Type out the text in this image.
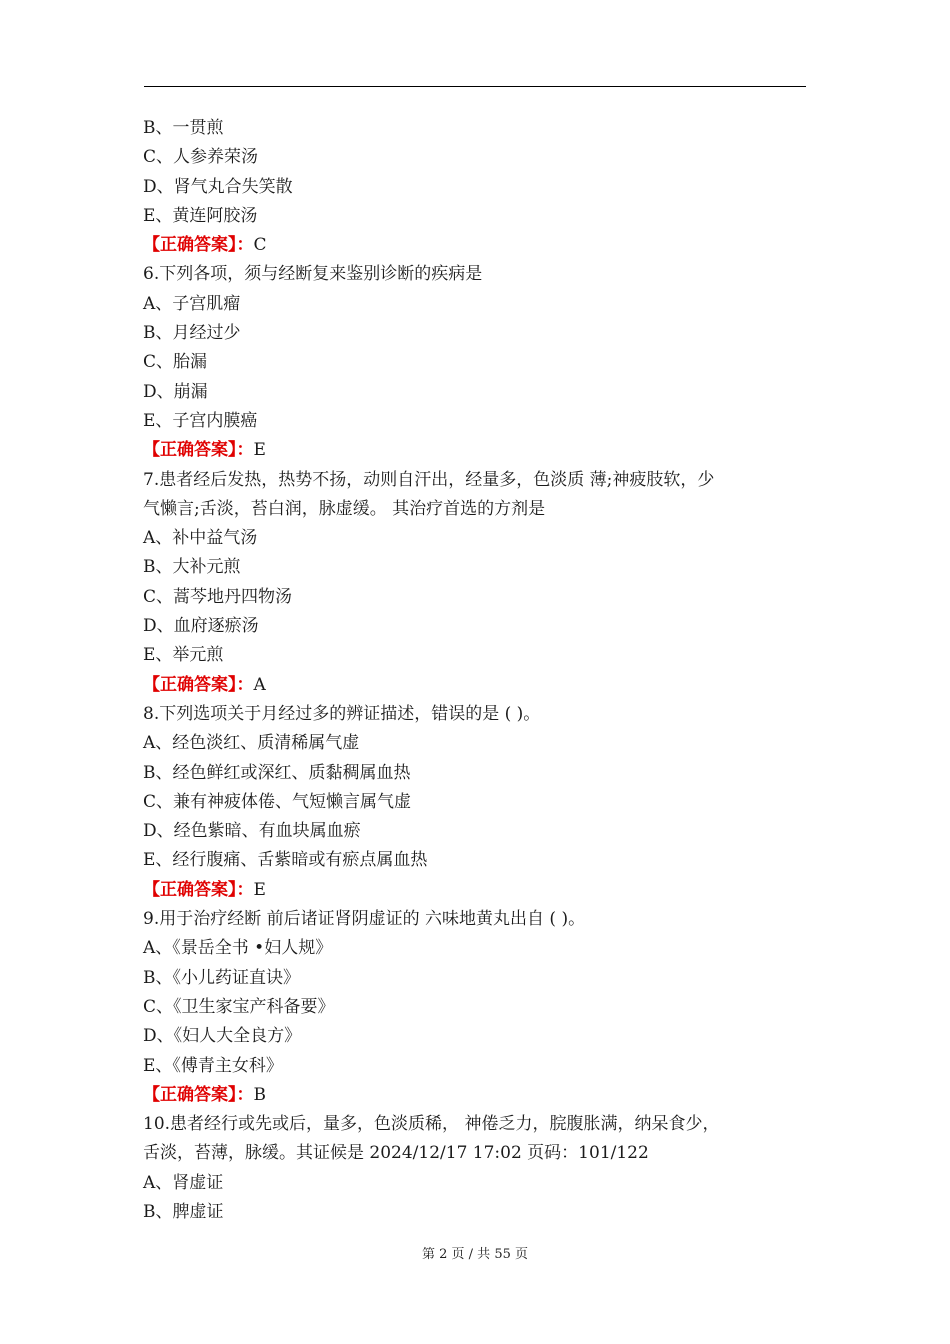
B、一贯煎

C、人参养荣汤

D、肾气丸合失笑散

E、黄连阿胶汤

【正确答案】：C

6.下列各项，须与经断复来鉴别诊断的疾病是

A、子宫肌瘤

B、月经过少

C、胎漏

D、崩漏

E、子宫内膜癌

【正确答案】：E

7.患者经后发热，热势不扬，动则自汗出，经量多，色淡质 薄;神疲肢软，少

气懒言;舌淡，苔白润，脉虚缓。 其治疗首选的方剂是

A、补中益气汤

B、大补元煎

C、蒿芩地丹四物汤

D、血府逐瘀汤

E、举元煎

【正确答案】：A

8.下列选项关于月经过多的辨证描述，错误的是 ( )。

A、经色淡红、质清稀属气虚

B、经色鲜红或深红、质黏稠属血热

C、兼有神疲体倦、气短懒言属气虚

D、经色紫暗、有血块属血瘀

E、经行腹痛、舌紫暗或有瘀点属血热

【正确答案】：E

9.用于治疗经断 前后诸证肾阴虚证的 六味地黄丸出自 ( )。

A、《景岳全书 •妇人规》

B、《小儿药证直诀》

C、《卫生家宝产科备要》

D、《妇人大全良方》

E、《傅青主女科》

【正确答案】：B

10.患者经行或先或后，量多，色淡质稀， 神倦乏力，脘腹胀满，纳呆食少，

舌淡，苔薄，脉缓。其证候是 2024/12/17 17:02 页码：101/122

A、肾虚证

B、脾虚证

第 2 页 / 共 55 页
